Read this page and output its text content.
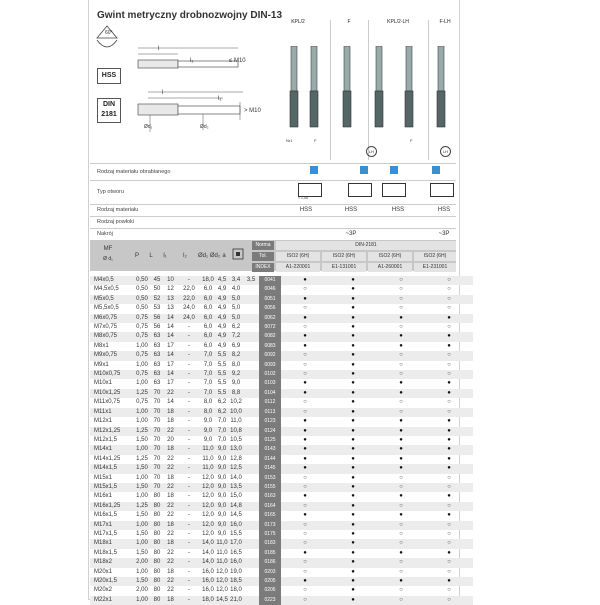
Gwint metryczny drobnozwojny DIN-13
KPL/2	F	KPL/2-LH	F-LH
60°
l
l₁	≤ M10
l
l₁
> M10
Ød₁	Ød₂
HSS
DIN
2181
Nr1	F	F
LH	LH
Rodzaj materiału obrabianego
Typ otworu
< 1,5d
Rodzaj materiału	HSS	HSS	HSS	HSS
Rodzaj powłoki
Nakrój	~3P	~3P
MF
Ø d₁	P	L	l₁	l₂	Ød₁ Ød₂ a
Norma
Tol.
INDEX
DIN-2181
ISO2 (6H)	ISO2 (6H)	ISO2 (6H)	ISO2 (6H)
A1-220001	E1-131001	A1-260001	E1-231001
M4x0,5	0,50	45	10	-	18,0	4,5	3,4	3,5	0041	●	●	○	○
M4,5x0,5	0,50	50	12	22,0	6,0	4,9	4,0		0046	○	●	○	○
M5x0,5	0,50	52	13	22,0	6,0	4,9	5,0		0051	●	●	○	○
M5,5x0,5	0,50	53	13	24,0	6,0	4,9	5,0		0056	○	●	○	○
M6x0,75	0,75	56	14	24,0	6,0	4,9	5,0		0062	●	●	●	●
M7x0,75	0,75	56	14	-	6,0	4,9	6,2		0072	○	●	○	○
M8x0,75	0,75	63	14	-	6,0	4,9	7,2		0082	●	●	●	●
M8x1	1,00	63	17	-	6,0	4,9	6,9		0083	●	●	●	●
M9x0,75	0,75	63	14	-	7,0	5,5	8,2		0092	○	●	○	○
M9x1	1,00	63	17	-	7,0	5,5	8,0		0093	○	●	○	○
M10x0,75	0,75	63	14	-	7,0	5,5	9,2		0102	○	●	○	○
M10x1	1,00	63	17	-	7,0	5,5	9,0		0103	●	●	●	●
M10x1,25	1,25	70	22	-	7,0	5,5	8,8		0104	●	●	●	●
M11x0,75	0,75	70	14	-	8,0	6,2	10,2		0112	○	●	○	○
M11x1	1,00	70	18	-	8,0	6,2	10,0		0113	○	●	○	○
M12x1	1,00	70	18	-	9,0	7,0	11,0		0123	●	●	●	●
M12x1,25	1,25	70	22	-	9,0	7,0	10,8		0124	●	●	●	●
M12x1,5	1,50	70	20	-	9,0	7,0	10,5		0125	●	●	●	●
M14x1	1,00	70	18	-	11,0	9,0	13,0		0143	●	●	●	●
M14x1,25	1,25	70	22	-	11,0	9,0	12,8		0144	●	●	●	●
M14x1,5	1,50	70	22	-	11,0	9,0	12,5		0145	●	●	●	●
M15x1	1,00	70	18	-	12,0	9,0	14,0		0153	○	●	○	○
M15x1,5	1,50	70	22	-	12,0	9,0	13,5		0155	○	●	○	○
M16x1	1,00	80	18	-	12,0	9,0	15,0		0163	●	●	●	●
M16x1,25	1,25	80	22	-	12,0	9,0	14,8		0164	○	●	○	○
M16x1,5	1,50	80	22	-	12,0	9,0	14,5		0165	●	●	●	●
M17x1	1,00	80	18	-	12,0	9,0	16,0		0173	○	●	○	○
M17x1,5	1,50	80	22	-	12,0	9,0	15,5		0175	○	●	○	○
M18x1	1,00	80	18	-	14,0	11,0	17,0		0183	○	●	○	○
M18x1,5	1,50	80	22	-	14,0	11,0	16,5		0185	●	●	●	●
M18x2	2,00	80	22	-	14,0	11,0	16,0		0186	○	●	○	○
M20x1	1,00	80	18	-	16,0	12,0	19,0		0203	○	●	○	○
M20x1,5	1,50	80	22	-	16,0	12,0	18,5		0205	●	●	●	●
M20x2	2,00	80	22	-	16,0	12,0	18,0		0206	○	●	○	○
M22x1	1,00	80	18	-	18,0	14,5	21,0		0223	○	●	○	○
